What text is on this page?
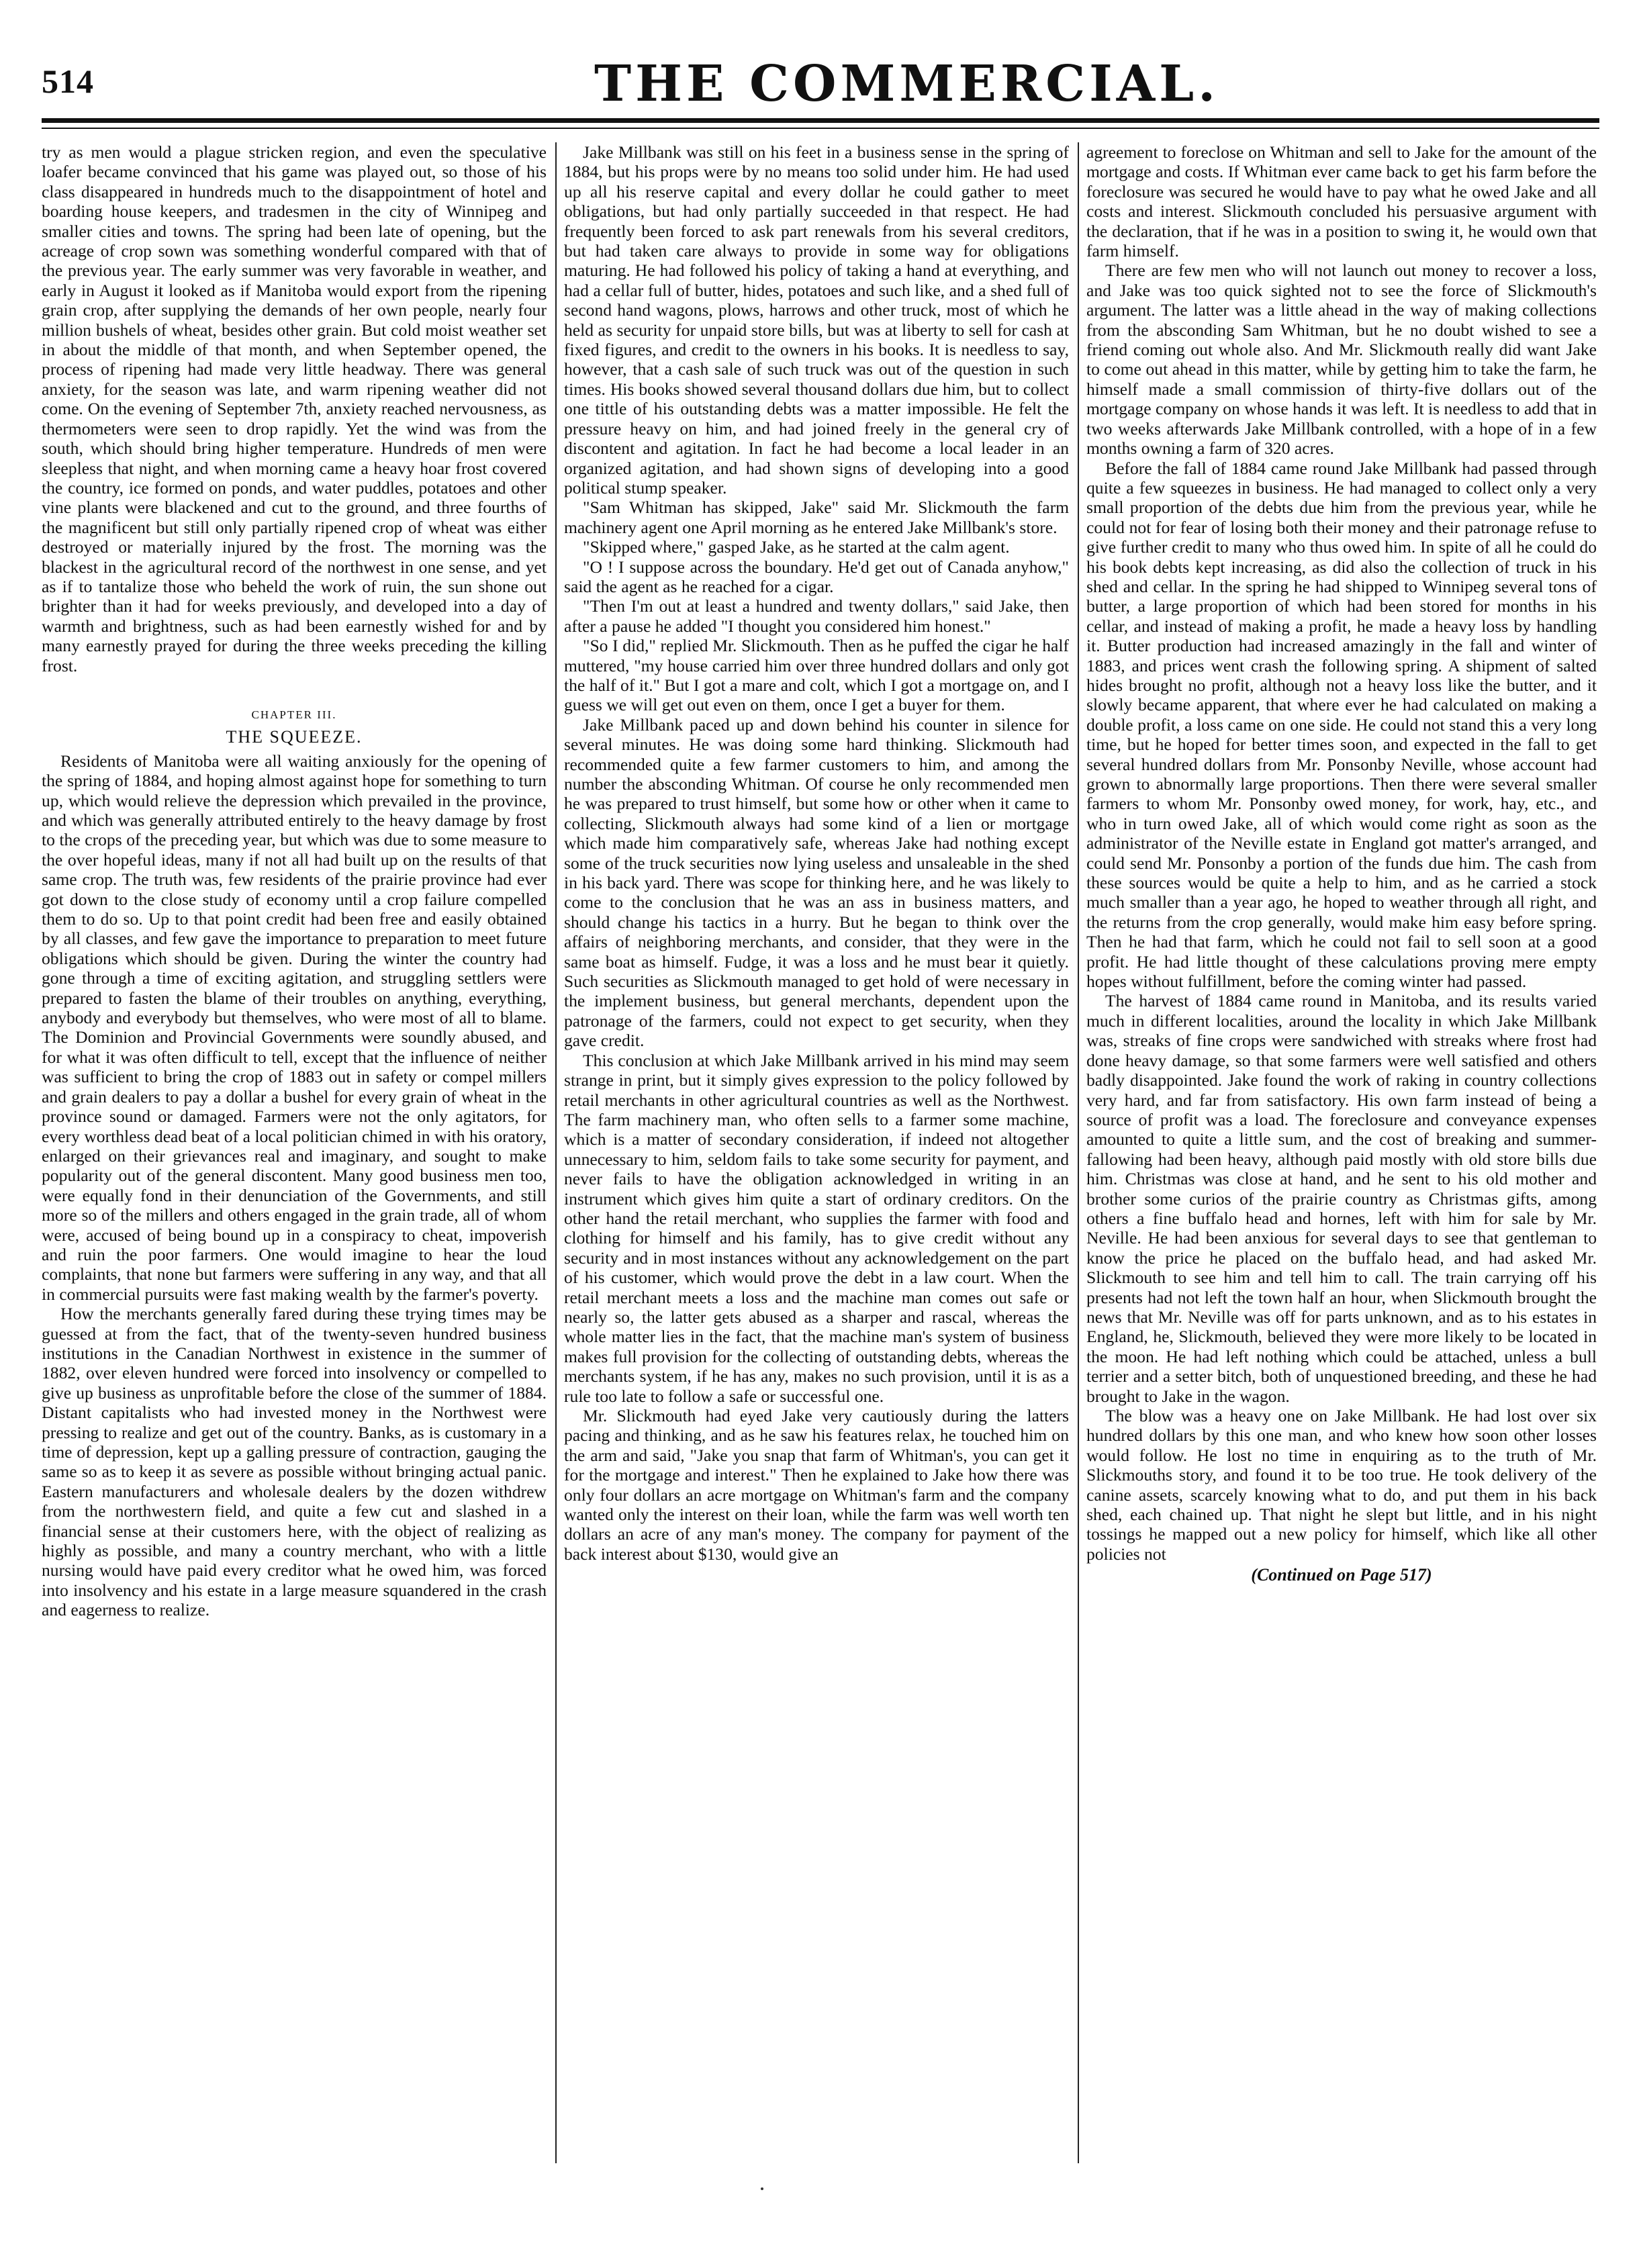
514	THE COMMERCIAL.

try as men would a plague stricken region, and even the speculative loafer became convinced that his game was played out, so those of his class disappeared in hundreds much to the disappointment of hotel and boarding house keepers, and tradesmen in the city of Winnipeg and smaller cities and towns. The spring had been late of opening, but the acreage of crop sown was something wonderful compared with that of the previous year. The early summer was very favorable in weather, and early in August it looked as if Manitoba would export from the ripening grain crop, after supplying the demands of her own people, nearly four million bushels of wheat, besides other grain. But cold moist weather set in about the middle of that month, and when September opened, the process of ripening had made very little headway. There was general anxiety, for the season was late, and warm ripening weather did not come. On the evening of September 7th, anxiety reached nervousness, as thermometers were seen to drop rapidly. Yet the wind was from the south, which should bring higher temperature. Hundreds of men were sleepless that night, and when morning came a heavy hoar frost covered the country, ice formed on ponds, and water puddles, potatoes and other vine plants were blackened and cut to the ground, and three fourths of the magnificent but still only partially ripened crop of wheat was either destroyed or materially injured by the frost. The morning was the blackest in the agricultural record of the northwest in one sense, and yet as if to tantalize those who beheld the work of ruin, the sun shone out brighter than it had for weeks previously, and developed into a day of warmth and brightness, such as had been earnestly wished for and by many earnestly prayed for during the three weeks preceding the killing frost.

CHAPTER III.
THE SQUEEZE.

Residents of Manitoba were all waiting anxiously for the opening of the spring of 1884, and hoping almost against hope for something to turn up, which would relieve the depression which prevailed in the province, and which was generally attributed entirely to the heavy damage by frost to the crops of the preceding year, but which was due to some measure to the over hopeful ideas, many if not all had built up on the results of that same crop. The truth was, few residents of the prairie province had ever got down to the close study of economy until a crop failure compelled them to do so. Up to that point credit had been free and easily obtained by all classes, and few gave the importance to preparation to meet future obligations which should be given. During the winter the country had gone through a time of exciting agitation, and struggling settlers were prepared to fasten the blame of their troubles on anything, everything, anybody and everybody but themselves, who were most of all to blame. The Dominion and Provincial Governments were soundly abused, and for what it was often difficult to tell, except that the influence of neither was sufficient to bring the crop of 1883 out in safety or compel millers and grain dealers to pay a dollar a bushel for every grain of wheat in the province sound or damaged. Farmers were not the only agitators, for every worthless dead beat of a local politician chimed in with his oratory, enlarged on their grievances real and imaginary, and sought to make popularity out of the general discontent. Many good business men too, were equally fond in their denunciation of the Governments, and still more so of the millers and others engaged in the grain trade, all of whom were, accused of being bound up in a conspiracy to cheat, impoverish and ruin the poor farmers. One would imagine to hear the loud complaints, that none but farmers were suffering in any way, and that all in commercial pursuits were fast making wealth by the farmer's poverty.

How the merchants generally fared during these trying times may be guessed at from the fact, that of the twenty-seven hundred business institutions in the Canadian Northwest in existence in the summer of 1882, over eleven hundred were forced into insolvency or compelled to give up business as unprofitable before the close of the summer of 1884. Distant capitalists who had invested money in the Northwest were pressing to realize and get out of the country. Banks, as is customary in a time of depression, kept up a galling pressure of contraction, gauging the same so as to keep it as severe as possible without bringing actual panic. Eastern manufacturers and wholesale dealers by the dozen withdrew from the northwestern field, and quite a few cut and slashed in a financial sense at their customers here, with the object of realizing as highly as possible, and many a country merchant, who with a little nursing would have paid every creditor what he owed him, was forced into insolvency and his estate in a large measure squandered in the crash and eagerness to realize.

Jake Millbank was still on his feet in a business sense in the spring of 1884, but his props were by no means too solid under him. He had used up all his reserve capital and every dollar he could gather to meet obligations, but had only partially succeeded in that respect. He had frequently been forced to ask part renewals from his several creditors, but had taken care always to provide in some way for obligations maturing. He had followed his policy of taking a hand at everything, and had a cellar full of butter, hides, potatoes and such like, and a shed full of second hand wagons, plows, harrows and other truck, most of which he held as security for unpaid store bills, but was at liberty to sell for cash at fixed figures, and credit to the owners in his books. It is needless to say, however, that a cash sale of such truck was out of the question in such times. His books showed several thousand dollars due him, but to collect one tittle of his outstanding debts was a matter impossible. He felt the pressure heavy on him, and had joined freely in the general cry of discontent and agitation. In fact he had become a local leader in an organized agitation, and had shown signs of developing into a good political stump speaker.

"Sam Whitman has skipped, Jake" said Mr. Slickmouth the farm machinery agent one April morning as he entered Jake Millbank's store.

"Skipped where," gasped Jake, as he started at the calm agent.

"O ! I suppose across the boundary. He'd get out of Canada anyhow," said the agent as he reached for a cigar.

"Then I'm out at least a hundred and twenty dollars," said Jake, then after a pause he added "I thought you considered him honest."

"So I did," replied Mr. Slickmouth. Then as he puffed the cigar he half muttered, "my house carried him over three hundred dollars and only got the half of it." But I got a mare and colt, which I got a mortgage on, and I guess we will get out even on them, once I get a buyer for them.

Jake Millbank paced up and down behind his counter in silence for several minutes. He was doing some hard thinking. Slickmouth had recommended quite a few farmer customers to him, and among the number the absconding Whitman. Of course he only recommended men he was prepared to trust himself, but some how or other when it came to collecting, Slickmouth always had some kind of a lien or mortgage which made him comparatively safe, whereas Jake had nothing except some of the truck securities now lying useless and unsaleable in the shed in his back yard. There was scope for thinking here, and he was likely to come to the conclusion that he was an ass in business matters, and should change his tactics in a hurry. But he began to think over the affairs of neighboring merchants, and consider, that they were in the same boat as himself. Fudge, it was a loss and he must bear it quietly. Such securities as Slickmouth managed to get hold of were necessary in the implement business, but general merchants, dependent upon the patronage of the farmers, could not expect to get security, when they gave credit.

This conclusion at which Jake Millbank arrived in his mind may seem strange in print, but it simply gives expression to the policy followed by retail merchants in other agricultural countries as well as the Northwest. The farm machinery man, who often sells to a farmer some machine, which is a matter of secondary consideration, if indeed not altogether unnecessary to him, seldom fails to take some security for payment, and never fails to have the obligation acknowledged in writing in an instrument which gives him quite a start of ordinary creditors. On the other hand the retail merchant, who supplies the farmer with food and clothing for himself and his family, has to give credit without any security and in most instances without any acknowledgement on the part of his customer, which would prove the debt in a law court. When the retail merchant meets a loss and the machine man comes out safe or nearly so, the latter gets abused as a sharper and rascal, whereas the whole matter lies in the fact, that the machine man's system of business makes full provision for the collecting of outstanding debts, whereas the merchants system, if he has any, makes no such provision, until it is as a rule too late to follow a safe or successful one.

Mr. Slickmouth had eyed Jake very cautiously during the latters pacing and thinking, and as he saw his features relax, he touched him on the arm and said, "Jake you snap that farm of Whitman's, you can get it for the mortgage and interest." Then he explained to Jake how there was only four dollars an acre mortgage on Whitman's farm and the company wanted only the interest on their loan, while the farm was well worth ten dollars an acre of any man's money. The company for payment of the back interest about $130, would give an

agreement to foreclose on Whitman and sell to Jake for the amount of the mortgage and costs. If Whitman ever came back to get his farm before the foreclosure was secured he would have to pay what he owed Jake and all costs and interest. Slickmouth concluded his persuasive argument with the declaration, that if he was in a position to swing it, he would own that farm himself.

There are few men who will not launch out money to recover a loss, and Jake was too quick sighted not to see the force of Slickmouth's argument. The latter was a little ahead in the way of making collections from the absconding Sam Whitman, but he no doubt wished to see a friend coming out whole also. And Mr. Slickmouth really did want Jake to come out ahead in this matter, while by getting him to take the farm, he himself made a small commission of thirty-five dollars out of the mortgage company on whose hands it was left. It is needless to add that in two weeks afterwards Jake Millbank controlled, with a hope of in a few months owning a farm of 320 acres.

Before the fall of 1884 came round Jake Millbank had passed through quite a few squeezes in business. He had managed to collect only a very small proportion of the debts due him from the previous year, while he could not for fear of losing both their money and their patronage refuse to give further credit to many who thus owed him. In spite of all he could do his book debts kept increasing, as did also the collection of truck in his shed and cellar. In the spring he had shipped to Winnipeg several tons of butter, a large proportion of which had been stored for months in his cellar, and instead of making a profit, he made a heavy loss by handling it. Butter production had increased amazingly in the fall and winter of 1883, and prices went crash the following spring. A shipment of salted hides brought no profit, although not a heavy loss like the butter, and it slowly became apparent, that where ever he had calculated on making a double profit, a loss came on one side. He could not stand this a very long time, but he hoped for better times soon, and expected in the fall to get several hundred dollars from Mr. Ponsonby Neville, whose account had grown to abnormally large proportions. Then there were several smaller farmers to whom Mr. Ponsonby owed money, for work, hay, etc., and who in turn owed Jake, all of which would come right as soon as the administrator of the Neville estate in England got matter's arranged, and could send Mr. Ponsonby a portion of the funds due him. The cash from these sources would be quite a help to him, and as he carried a stock much smaller than a year ago, he hoped to weather through all right, and the returns from the crop generally, would make him easy before spring. Then he had that farm, which he could not fail to sell soon at a good profit. He had little thought of these calculations proving mere empty hopes without fulfillment, before the coming winter had passed.

The harvest of 1884 came round in Manitoba, and its results varied much in different localities, around the locality in which Jake Millbank was, streaks of fine crops were sandwiched with streaks where frost had done heavy damage, so that some farmers were well satisfied and others badly disappointed. Jake found the work of raking in country collections very hard, and far from satisfactory. His own farm instead of being a source of profit was a load. The foreclosure and conveyance expenses amounted to quite a little sum, and the cost of breaking and summer-fallowing had been heavy, although paid mostly with old store bills due him. Christmas was close at hand, and he sent to his old mother and brother some curios of the prairie country as Christmas gifts, among others a fine buffalo head and hornes, left with him for sale by Mr. Neville. He had been anxious for several days to see that gentleman to know the price he placed on the buffalo head, and had asked Mr. Slickmouth to see him and tell him to call. The train carrying off his presents had not left the town half an hour, when Slickmouth brought the news that Mr. Neville was off for parts unknown, and as to his estates in England, he, Slickmouth, believed they were more likely to be located in the moon. He had left nothing which could be attached, unless a bull terrier and a setter bitch, both of unquestioned breeding, and these he had brought to Jake in the wagon.

The blow was a heavy one on Jake Millbank. He had lost over six hundred dollars by this one man, and who knew how soon other losses would follow. He lost no time in enquiring as to the truth of Mr. Slickmouths story, and found it to be too true. He took delivery of the canine assets, scarcely knowing what to do, and put them in his back shed, each chained up. That night he slept but little, and in his night tossings he mapped out a new policy for himself, which like all other policies not

(Continued on Page 517)
